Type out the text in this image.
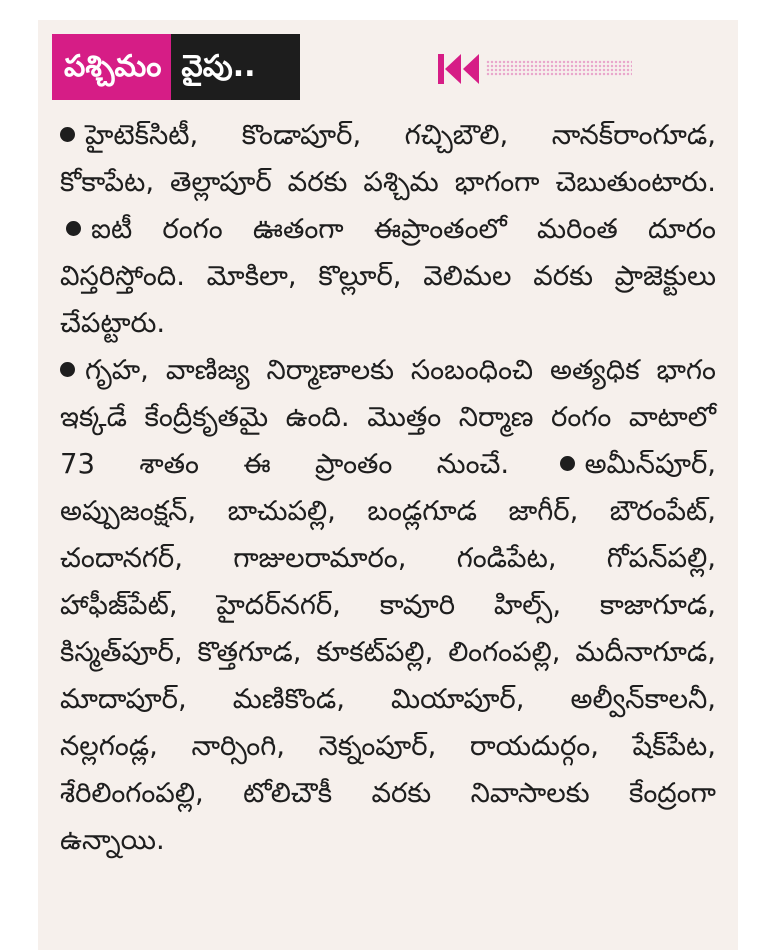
పశ్చిమం వైపు..
హైటెక్‌సిటీ, కొండాపూర్, గచ్చిబౌలి, నానక్‌రాంగూడ, కోకాపేట, తెల్లాపూర్ వరకు పశ్చిమ భాగంగా చెబుతుంటారు. ఐటీ రంగం ఊతంగా ఈప్రాంతంలో మరింత దూరం విస్తరిస్తోంది. మోకిలా, కొల్లూర్, వెలిమల వరకు ప్రాజెక్టులు చేపట్టారు.
గృహ, వాణిజ్య నిర్మాణాలకు సంబంధించి అత్యధిక భాగం ఇక్కడే కేంద్రీకృతమై ఉంది. మొత్తం నిర్మాణ రంగం వాటాలో 73 శాతం ఈ ప్రాంతం నుంచే.	అమీన్‌పూర్, అప్పుజంక్షన్, బాచుపల్లి, బండ్లగూడ జాగీర్, బౌరంపేట్, చందానగర్, గాజులరామారం, గండిపేట, గోపన్‌పల్లి, హాఫీజ్‌పేట్, హైదర్‌నగర్, కావూరి హిల్స్, కాజాగూడ, కిస్మత్‌పూర్, కొత్తగూడ, కూకట్‌పల్లి, లింగంపల్లి, మదీనాగూడ, మాదాపూర్, మణికొండ, మియాపూర్, అల్వీన్‌కాలనీ, నల్లగండ్ల, నార్సింగి, నెక్నంపూర్, రాయదుర్గం, షేక్‌పేట, శేరిలింగంపల్లి, టోలిచౌకీ వరకు నివాసాలకు కేంద్రంగా ఉన్నాయి.
